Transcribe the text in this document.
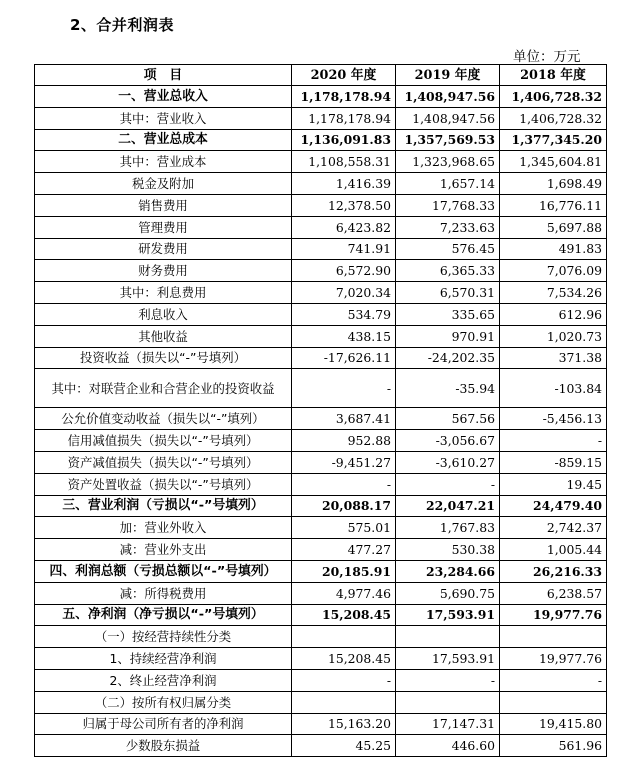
2、合并利润表
单位：万元
项　目	2020 年度	2019 年度	2018 年度
一、营业总收入	1,178,178.94	1,408,947.56	1,406,728.32
其中：营业收入	1,178,178.94	1,408,947.56	1,406,728.32
二、营业总成本	1,136,091.83	1,357,569.53	1,377,345.20
其中：营业成本	1,108,558.31	1,323,968.65	1,345,604.81
税金及附加	1,416.39	1,657.14	1,698.49
销售费用	12,378.50	17,768.33	16,776.11
管理费用	6,423.82	7,233.63	5,697.88
研发费用	741.91	576.45	491.83
财务费用	6,572.90	6,365.33	7,076.09
其中：利息费用	7,020.34	6,570.31	7,534.26
利息收入	534.79	335.65	612.96
其他收益	438.15	970.91	1,020.73
投资收益（损失以“-”号填列）	-17,626.11	-24,202.35	371.38
其中：对联营企业和合营企业的投资收益	-	-35.94	-103.84
公允价值变动收益（损失以“-”填列）	3,687.41	567.56	-5,456.13
信用减值损失（损失以“-”号填列）	952.88	-3,056.67	-
资产减值损失（损失以“-”号填列）	-9,451.27	-3,610.27	-859.15
资产处置收益（损失以“-”号填列）	-	-	19.45
三、营业利润（亏损以“-”号填列）	20,088.17	22,047.21	24,479.40
加：营业外收入	575.01	1,767.83	2,742.37
减：营业外支出	477.27	530.38	1,005.44
四、利润总额（亏损总额以“-”号填列）	20,185.91	23,284.66	26,216.33
减：所得税费用	4,977.46	5,690.75	6,238.57
五、净利润（净亏损以“-”号填列）	15,208.45	17,593.91	19,977.76
（一）按经营持续性分类			
1、持续经营净利润	15,208.45	17,593.91	19,977.76
2、终止经营净利润	-	-	-
（二）按所有权归属分类			
归属于母公司所有者的净利润	15,163.20	17,147.31	19,415.80
少数股东损益	45.25	446.60	561.96
